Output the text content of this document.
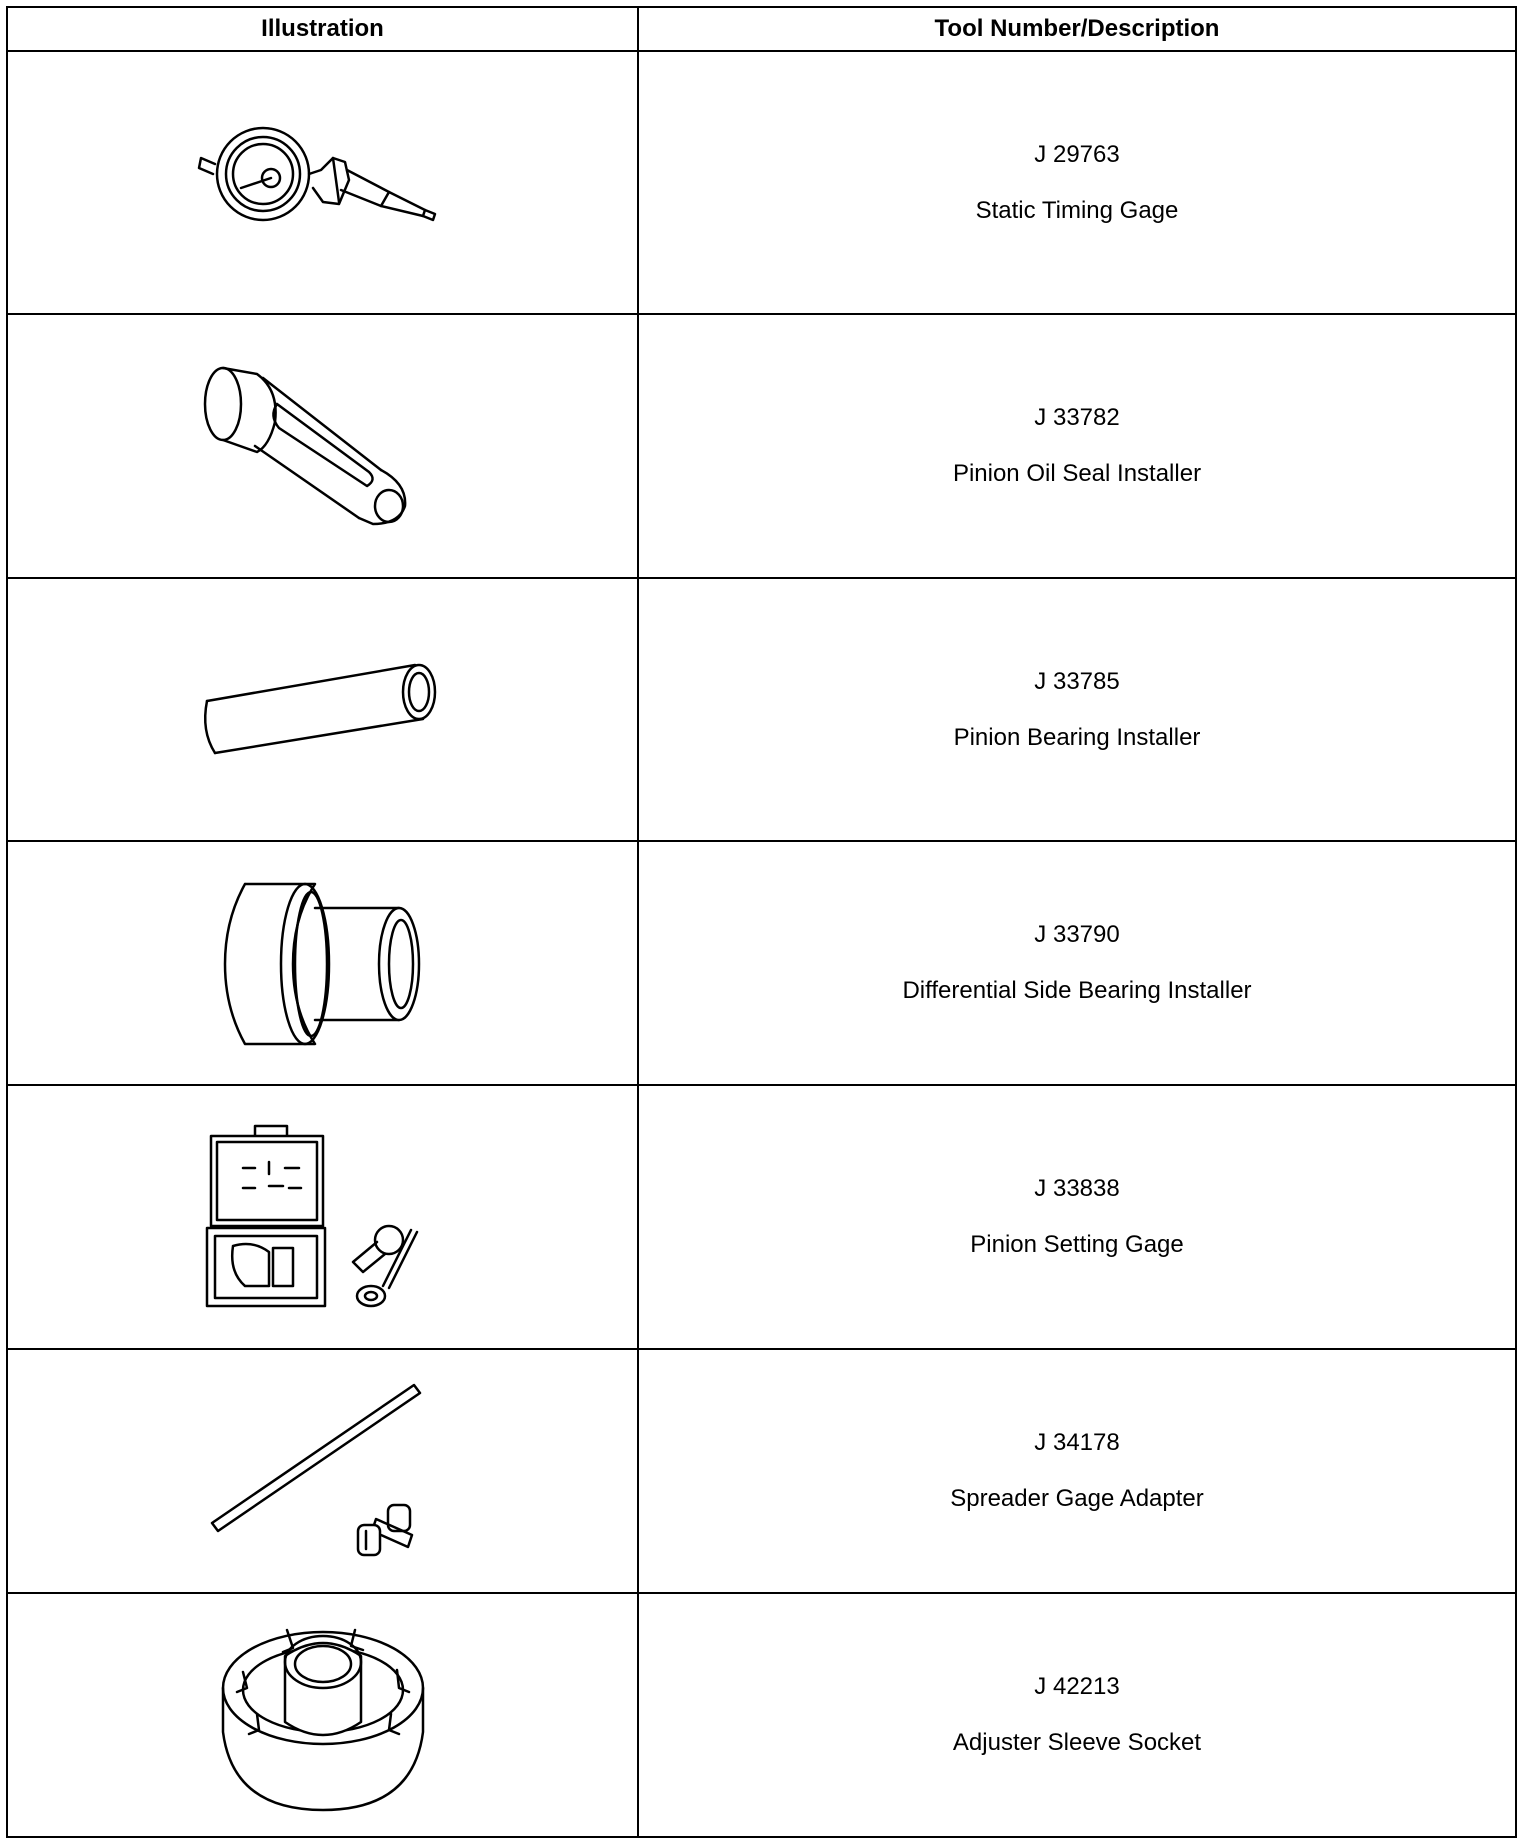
Illustration	Tool Number/Description

J 29763
Static Timing Gage

J 33782
Pinion Oil Seal Installer

J 33785
Pinion Bearing Installer

J 33790
Differential Side Bearing Installer

J 33838
Pinion Setting Gage

J 34178
Spreader Gage Adapter

J 42213
Adjuster Sleeve Socket
